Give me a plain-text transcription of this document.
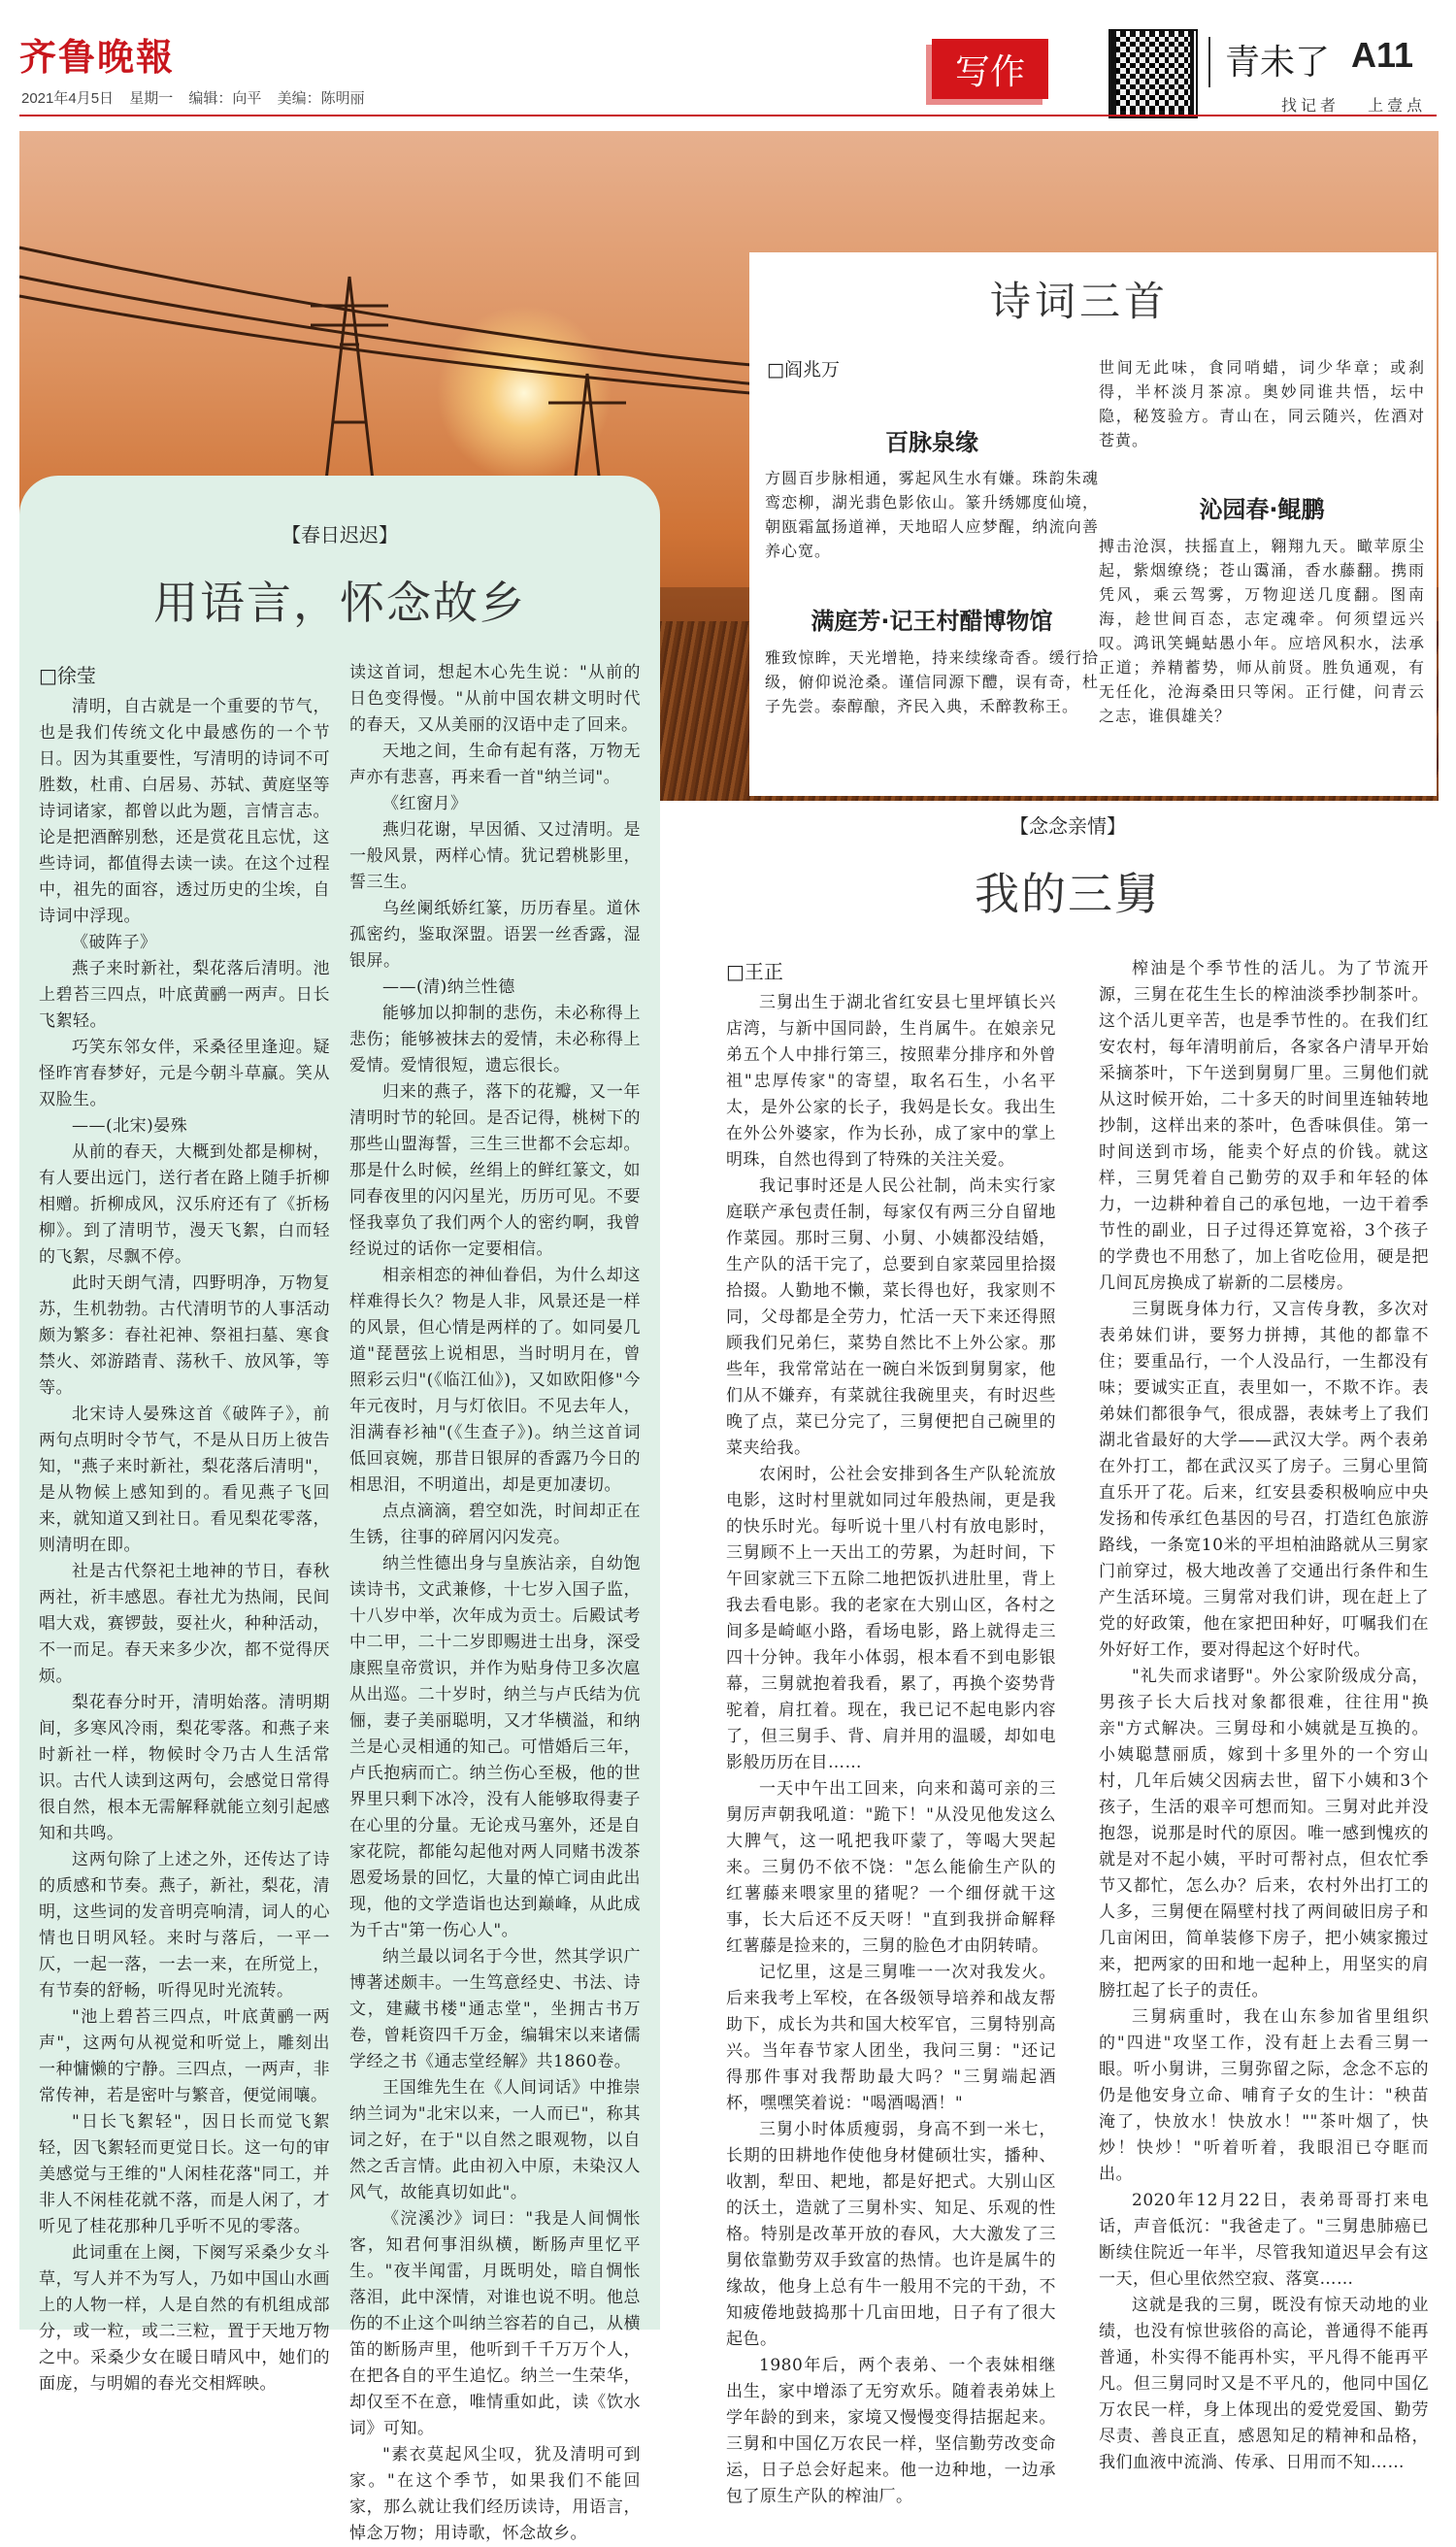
齐鲁晚報
2021年4月5日 星期一 编辑：向平 美编：陈明丽
写作	青未了 A11
找记者 上壹点
诗词三首
□阎兆万
百脉泉缘
方圆百步脉相通，雾起风生水有嫌。珠韵朱魂鸾恋柳，湖光翡色影依山。篆升绣娜度仙境，朝瓯霜氲扬道禅，天地昭人应梦醒，纳流向善养心宽。
满庭芳·记王村醋博物馆
雅致惊眸，天光增艳，持来续缘奇香。缓行拾级，俯仰说沧桑。谨信同源下醴，误有奇，杜子先尝。泰醇酿，齐民入典，禾醉教称王。
世间无此味，食同哨蜡，词少华章；或刹得，半杯淡月茶凉。奥妙同谁共悟，坛中隐，秘笈验方。青山在，同云随兴，佐酒对苍黄。
沁园春·鲲鹏
搏击沧溟，扶摇直上，翱翔九天。瞰苹原尘起，紫烟缭绕；苍山霭涌，香水藤翻。携雨凭风，乘云驾雾，万物迎送几度翻。图南海，趁世间百态，志定魂牵。何须望远兴叹。鸿讯笑蝇蛄愚小年。应培风积水，法承正道；养精蓄势，师从前贤。胜负通观，有无任化，沧海桑田只等闲。正行健，问青云之志，谁俱雄关？
【春日迟迟】
用语言，怀念故乡
□徐莹

清明，自古就是一个重要的节气，也是我们传统文化中最感伤的一个节日。因为其重要性，写清明的诗词不可胜数，杜甫、白居易、苏轼、黄庭坚等诗词诸家，都曾以此为题，言情言志。论是把酒醉别愁，还是赏花且忘忧，这些诗词，都值得去读一读。在这个过程中，祖先的面容，透过历史的尘埃，自诗词中浮现。

《破阵子》

燕子来时新社，梨花落后清明。池上碧苔三四点，叶底黄鹂一两声。日长飞絮轻。

巧笑东邻女伴，采桑径里逢迎。疑怪昨宵春梦好，元是今朝斗草赢。笑从双脸生。

——(北宋)晏殊

从前的春天，大概到处都是柳树，有人要出远门，送行者在路上随手折柳相赠。折柳成风，汉乐府还有了《折杨柳》。到了清明节，漫天飞絮，白而轻的飞絮，尽飘不停。

此时天朗气清，四野明净，万物复苏，生机勃勃。古代清明节的人事活动颇为繁多：春社祀神、祭祖扫墓、寒食禁火、郊游踏青、荡秋千、放风筝，等等。

北宋诗人晏殊这首《破阵子》，前两句点明时令节气，不是从日历上彼告知，"燕子来时新社，梨花落后清明"，是从物候上感知到的。看见燕子飞回来，就知道又到社日。看见梨花零落，则清明在即。

社是古代祭祀土地神的节日，春秋两社，祈丰感恩。春社尤为热闹，民间唱大戏，赛锣鼓，耍社火，种种活动，不一而足。春天来多少次，都不觉得厌烦。

梨花春分时开，清明始落。清明期间，多寒风冷雨，梨花零落。和燕子来时新社一样，物候时令乃古人生活常识。古代人读到这两句，会感觉日常得很自然，根本无需解释就能立刻引起感知和共鸣。

这两句除了上述之外，还传达了诗的质感和节奏。燕子，新社，梨花，清明，这些词的发音明亮响清，词人的心情也日明风轻。来时与落后，一平一仄，一起一落，一去一来，在所觉上，有节奏的舒畅，听得见时光流转。

"池上碧苔三四点，叶底黄鹂一两声"，这两句从视觉和听觉上，雕刻出一种慵懒的宁静。三四点，一两声，非常传神，若是密叶与繁音，便觉闹嚷。

"日长飞絮轻"，因日长而觉飞絮轻，因飞絮轻而更觉日长。这一句的审美感觉与王维的"人闲桂花落"同工，并非人不闲桂花就不落，而是人闲了，才听见了桂花那种几乎听不见的零落。

此词重在上阕，下阕写采桑少女斗草，写人并不为写人，乃如中国山水画上的人物一样，人是自然的有机组成部分，或一粒，或二三粒，置于天地万物之中。采桑少女在暖日晴风中，她们的面庞，与明媚的春光交相辉映。

读这首词，想起木心先生说："从前的日色变得慢。"从前中国农耕文明时代的春天，又从美丽的汉语中走了回来。

天地之间，生命有起有落，万物无声亦有悲喜，再来看一首"纳兰词"。

《红窗月》

燕归花谢，早因循、又过清明。是一般风景，两样心情。犹记碧桃影里，誓三生。

乌丝阑纸娇红篆，历历春星。道休孤密约，鉴取深盟。语罢一丝香露，湿银屏。

——(清)纳兰性德

能够加以抑制的悲伤，未必称得上悲伤；能够被抹去的爱情，未必称得上爱情。爱情很短，遗忘很长。

归来的燕子，落下的花瓣，又一年清明时节的轮回。是否记得，桃树下的那些山盟海誓，三生三世都不会忘却。那是什么时候，丝绢上的鲜红篆文，如同春夜里的闪闪星光，历历可见。不要怪我辜负了我们两个人的密约啊，我曾经说过的话你一定要相信。

相亲相恋的神仙眷侣，为什么却这样难得长久？物是人非，风景还是一样的风景，但心情是两样的了。如同晏几道"琵琶弦上说相思，当时明月在，曾照彩云归"(《临江仙》)，又如欧阳修"今年元夜时，月与灯依旧。不见去年人，泪满春衫袖"(《生查子》)。纳兰这首词低回哀婉，那昔日银屏的香露乃今日的相思泪，不明道出，却是更加凄切。

点点滴滴，碧空如洗，时间却正在生锈，往事的碎屑闪闪发亮。

纳兰性德出身与皇族沾亲，自幼饱读诗书，文武兼修，十七岁入国子监，十八岁中举，次年成为贡士。后殿试考中二甲，二十二岁即赐进士出身，深受康熙皇帝赏识，并作为贴身侍卫多次扈从出巡。二十岁时，纳兰与卢氏结为伉俪，妻子美丽聪明，又才华横溢，和纳兰是心灵相通的知己。可惜婚后三年，卢氏抱病而亡。纳兰伤心至极，他的世界里只剩下冰冷，没有人能够取得妻子在心里的分量。无论戎马塞外，还是自家花院，都能勾起他对两人同赌书泼茶恩爱场景的回忆，大量的悼亡词由此出现，他的文学造诣也达到巅峰，从此成为千古"第一伤心人"。

纳兰最以词名于今世，然其学识广博著述颇丰。一生笃意经史、书法、诗文，建藏书楼"通志堂"，坐拥古书万卷，曾耗资四千万金，编辑宋以来诸儒学经之书《通志堂经解》共1860卷。

王国维先生在《人间词话》中推崇纳兰词为"北宋以来，一人而已"，称其词之好，在于"以自然之眼观物，以自然之舌言情。此由初入中原，未染汉人风气，故能真切如此"。

《浣溪沙》词曰："我是人间惆怅客，知君何事泪纵横，断肠声里忆平生。"夜半闻雷，月既明处，暗自惆怅落泪，此中深情，对谁也说不明。他总伤的不止这个叫纳兰容若的自己，从横笛的断肠声里，他听到千千万万个人，在把各自的平生追忆。纳兰一生荣华，却仅至不在意，唯情重如此，读《饮水词》可知。

"素衣莫起风尘叹，犹及清明可到家。"在这个季节，如果我们不能回家，那么就让我们经历读诗，用语言，悼念万物；用诗歌，怀念故乡。

【念念亲情】
我的三舅
□王正

三舅出生于湖北省红安县七里坪镇长兴店湾，与新中国同龄，生肖属牛。在娘亲兄弟五个人中排行第三，按照辈分排序和外曾祖"忠厚传家"的寄望，取名石生，小名平太，是外公家的长子，我妈是长女。我出生在外公外婆家，作为长孙，成了家中的掌上明珠，自然也得到了特殊的关注关爱。

我记事时还是人民公社制，尚未实行家庭联产承包责任制，每家仅有两三分自留地作菜园。那时三舅、小舅、小姨都没结婚，生产队的活干完了，总要到自家菜园里拾掇拾掇。人勤地不懒，菜长得也好，我家则不同，父母都是全劳力，忙活一天下来还得照顾我们兄弟仨，菜势自然比不上外公家。那些年，我常常站在一碗白米饭到舅舅家，他们从不嫌弃，有菜就往我碗里夹，有时迟些晚了点，菜已分完了，三舅便把自己碗里的菜夹给我。

农闲时，公社会安排到各生产队轮流放电影，这时村里就如同过年般热闹，更是我的快乐时光。每听说十里八村有放电影时，三舅顾不上一天出工的劳累，为赶时间，下午回家就三下五除二地把饭扒进肚里，背上我去看电影。我的老家在大别山区，各村之间多是崎岖小路，看场电影，路上就得走三四十分钟。我年小体弱，根本看不到电影银幕，三舅就抱着我看，累了，再换个姿势背驼着，肩扛着。现在，我已记不起电影内容了，但三舅手、背、肩并用的温暖，却如电影般历历在目……

一天中午出工回来，向来和蔼可亲的三舅厉声朝我吼道："跪下！"从没见他发这么大脾气，这一吼把我吓蒙了，等喝大哭起来。三舅仍不依不饶："怎么能偷生产队的红薯藤来喂家里的猪呢？一个细伢就干这事，长大后还不反天呀！"直到我拼命解释红薯藤是捡来的，三舅的脸色才由阴转晴。

记忆里，这是三舅唯一一次对我发火。后来我考上军校，在各级领导培养和战友帮助下，成长为共和国大校军官，三舅特别高兴。当年春节家人团坐，我问三舅："还记得那件事对我帮助最大吗？"三舅端起酒杯，嘿嘿笑着说："喝酒喝酒！"

三舅小时体质瘦弱，身高不到一米七，长期的田耕地作使他身材健硕壮实，播种、收割，犁田、耙地，都是好把式。大别山区的沃土，造就了三舅朴实、知足、乐观的性格。特别是改革开放的春风，大大激发了三舅依靠勤劳双手致富的热情。也许是属牛的缘故，他身上总有牛一般用不完的干劲，不知疲倦地鼓捣那十几亩田地，日子有了很大起色。

1980年后，两个表弟、一个表妹相继出生，家中增添了无穷欢乐。随着表弟妹上学年龄的到来，家境又慢慢变得拮据起来。三舅和中国亿万农民一样，坚信勤劳改变命运，日子总会好起来。他一边种地，一边承包了原生产队的榨油厂。

榨油是个季节性的活儿。为了节流开源，三舅在花生生长的榨油淡季抄制茶叶。这个活儿更辛苦，也是季节性的。在我们红安农村，每年清明前后，各家各户清早开始采摘茶叶，下午送到舅舅厂里。三舅他们就从这时候开始，二十多天的时间里连轴转地抄制，这样出来的茶叶，色香味俱佳。第一时间送到市场，能卖个好点的价钱。就这样，三舅凭着自己勤劳的双手和年轻的体力，一边耕种着自己的承包地，一边干着季节性的副业，日子过得还算宽裕，3个孩子的学费也不用愁了，加上省吃俭用，硬是把几间瓦房换成了崭新的二层楼房。

三舅既身体力行，又言传身教，多次对表弟妹们讲，要努力拼搏，其他的都靠不住；要重品行，一个人没品行，一生都没有味；要诚实正直，表里如一，不欺不诈。表弟妹们都很争气，很成器，表妹考上了我们湖北省最好的大学——武汉大学。两个表弟在外打工，都在武汉买了房子。三舅心里简直乐开了花。后来，红安县委积极响应中央发扬和传承红色基因的号召，打造红色旅游路线，一条宽10米的平坦柏油路就从三舅家门前穿过，极大地改善了交通出行条件和生产生活环境。三舅常对我们讲，现在赶上了党的好政策，他在家把田种好，叮嘱我们在外好好工作，要对得起这个好时代。

"礼失而求诸野"。外公家阶级成分高，男孩子长大后找对象都很难，往往用"换亲"方式解决。三舅母和小姨就是互换的。小姨聪慧丽质，嫁到十多里外的一个穷山村，几年后姨父因病去世，留下小姨和3个孩子，生活的艰辛可想而知。三舅对此并没抱怨，说那是时代的原因。唯一感到愧疚的就是对不起小姨，平时可帮衬点，但农忙季节又都忙，怎么办？后来，农村外出打工的人多，三舅便在隔壁村找了两间破旧房子和几亩闲田，简单装修下房子，把小姨家搬过来，把两家的田和地一起种上，用坚实的肩膀扛起了长子的责任。

三舅病重时，我在山东参加省里组织的"四进"攻坚工作，没有赶上去看三舅一眼。听小舅讲，三舅弥留之际，念念不忘的仍是他安身立命、哺育子女的生计："秧苗淹了，快放水！快放水！""茶叶烟了，快炒！快炒！"听着听着，我眼泪已夺眶而出。

2020年12月22日，表弟哥哥打来电话，声音低沉："我爸走了。"三舅患肺癌已断续住院近一年半，尽管我知道迟早会有这一天，但心里依然空寂、落寞……

这就是我的三舅，既没有惊天动地的业绩，也没有惊世骇俗的高论，普通得不能再普通，朴实得不能再朴实，平凡得不能再平凡。但三舅同时又是不平凡的，他同中国亿万农民一样，身上体现出的爱党爱国、勤劳尽责、善良正直，感恩知足的精神和品格，我们血液中流淌、传承、日用而不知……
